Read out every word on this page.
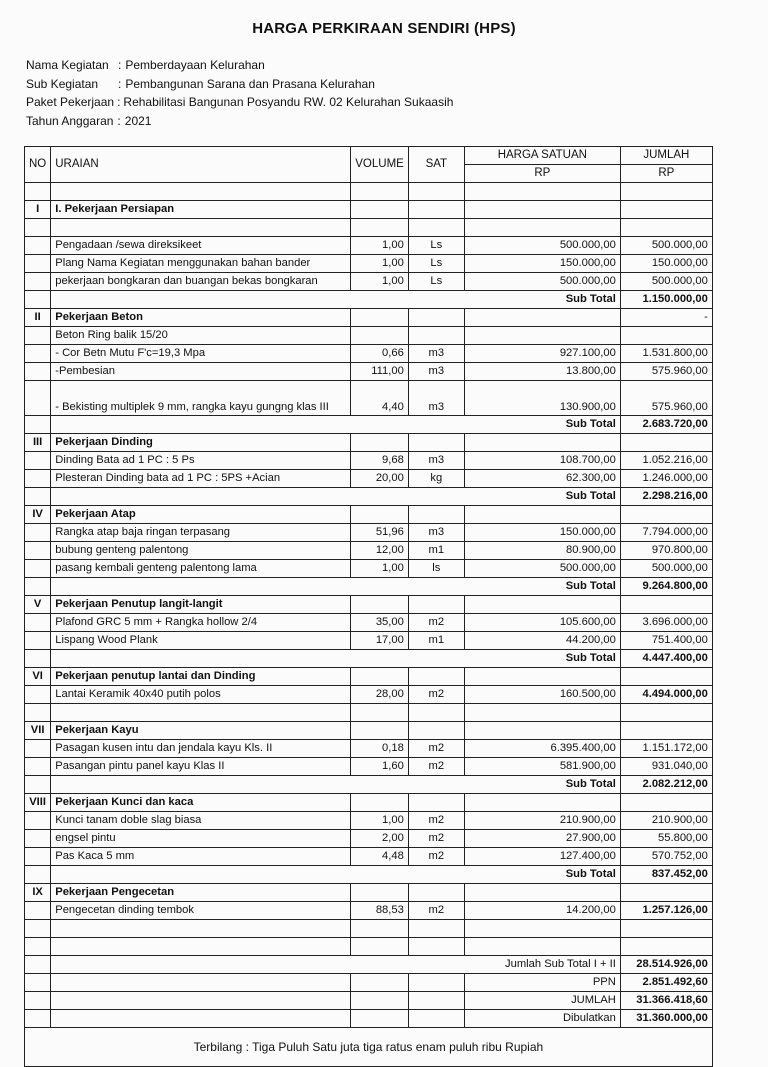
HARGA PERKIRAAN SENDIRI (HPS)
Nama Kegiatan : Pemberdayaan Kelurahan
Sub Kegiatan	: Pembangunan Sarana dan Prasana Kelurahan
Paket Pekerjaan : Rehabilitasi Bangunan Posyandu RW. 02 Kelurahan Sukaasih
Tahun Anggaran : 2021
NO	URAIAN	VOLUME	SAT	HARGA SATUAN	JUMLAH
				RP	RP

I	I. Pekerjaan Persiapan				

	Pengadaan /sewa direksikeet	1,00	Ls	500.000,00	500.000,00
	Plang Nama Kegiatan menggunakan bahan bander	1,00	Ls	150.000,00	150.000,00
	pekerjaan bongkaran dan buangan bekas bongkaran	1,00	Ls	500.000,00	500.000,00
				Sub Total	1.150.000,00
II	Pekerjaan Beton				-
	Beton Ring balik 15/20				
	- Cor Betn Mutu F'c=19,3 Mpa	0,66	m3	927.100,00	1.531.800,00
	-Pembesian	111,00	m3	13.800,00	575.960,00
	- Bekisting multiplek 9 mm, rangka kayu gungng klas III	4,40	m3	130.900,00	575.960,00
				Sub Total	2.683.720,00
III	Pekerjaan Dinding				
	Dinding Bata ad 1 PC : 5 Ps	9,68	m3	108.700,00	1.052.216,00
	Plesteran Dinding bata ad 1 PC : 5PS +Acian	20,00	kg	62.300,00	1.246.000,00
				Sub Total	2.298.216,00
IV	Pekerjaan Atap				
	Rangka atap baja ringan terpasang	51,96	m3	150.000,00	7.794.000,00
	bubung genteng palentong	12,00	m1	80.900,00	970.800,00
	pasang kembali genteng palentong lama	1,00	ls	500.000,00	500.000,00
				Sub Total	9.264.800,00
V	Pekerjaan Penutup langit-langit				
	Plafond GRC 5 mm + Rangka hollow 2/4	35,00	m2	105.600,00	3.696.000,00
	Lispang Wood Plank	17,00	m1	44.200,00	751.400,00
				Sub Total	4.447.400,00
VI	Pekerjaan penutup lantai dan Dinding				
	Lantai Keramik 40x40 putih polos	28,00	m2	160.500,00	4.494.000,00

VII	Pekerjaan Kayu				
	Pasagan kusen intu dan jendala kayu Kls. II	0,18	m2	6.395.400,00	1.151.172,00
	Pasangan pintu panel kayu Klas II	1,60	m2	581.900,00	931.040,00
				Sub Total	2.082.212,00
VIII	Pekerjaan Kunci dan kaca				
	Kunci tanam doble slag biasa	1,00	m2	210.900,00	210.900,00
	engsel pintu	2,00	m2	27.900,00	55.800,00
	Pas Kaca 5 mm	4,48	m2	127.400,00	570.752,00
				Sub Total	837.452,00
IX	Pekerjaan Pengecetan				
	Pengecetan dinding tembok	88,53	m2	14.200,00	1.257.126,00

				Jumlah Sub Total I + II	28.514.926,00
				PPN	2.851.492,60
				JUMLAH	31.366.418,60
				Dibulatkan	31.360.000,00
Terbilang : Tiga Puluh Satu juta tiga ratus enam puluh ribu Rupiah					
